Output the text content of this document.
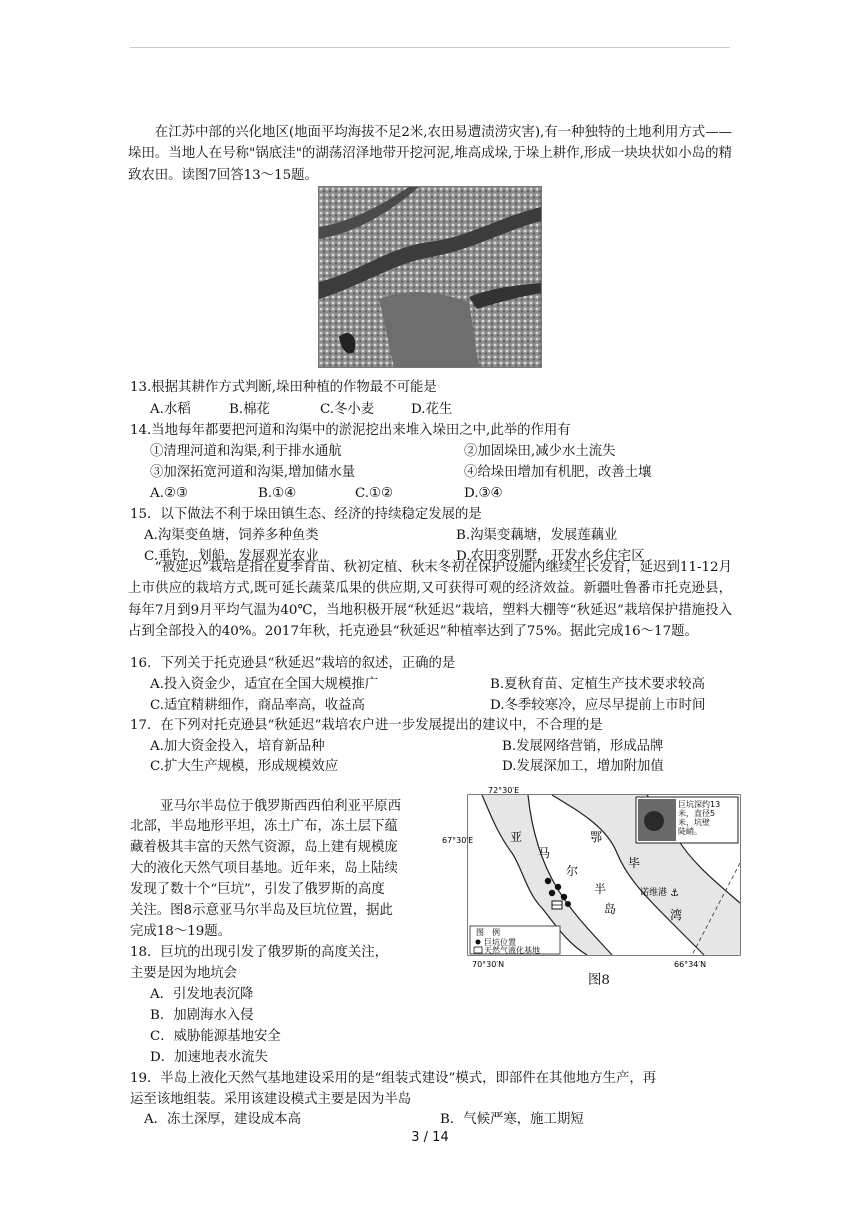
在江苏中部的兴化地区(地面平均海拔不足2米,农田易遭渍涝灾害),有一种独特的土地利用方式——垛田。当地人在号称"锅底洼"的湖荡沼泽地带开挖河泥,堆高成垛,于垛上耕作,形成一块块状如小岛的精致农田。读图7回答13～15题。
13.根据其耕作方式判断,垛田种植的作物最不可能是
A.水稻	B.棉花	C.冬小麦	D.花生
14.当地每年都要把河道和沟渠中的淤泥挖出来堆入垛田之中,此举的作用有
①清理河道和沟渠,利于排水通航	②加固垛田,减少水土流失
③加深拓宽河道和沟渠,增加储水量	④给垛田增加有机肥，改善土壤
A.②③	B.①④	C.①②	D.③④
15．以下做法不利于垛田镇生态、经济的持续稳定发展的是
A.沟渠变鱼塘，饲养多种鱼类	B.沟渠变藕塘，发展莲藕业
C.垂钓，划船，发展观光农业	D.农田变别墅，开发水乡住宅区
“被延迟”栽培是指在夏季育苗、秋初定植、秋末冬初在保护设施内继续生长发育，延迟到11-12月上市供应的栽培方式,既可延长蔬菜瓜果的供应期,又可获得可观的经济效益。新疆吐鲁番市托克逊县，每年7月到9月平均气温为40℃，当地积极开展“秋延迟”栽培，塑料大棚等“秋延迟”栽培保护措施投入占到全部投入的40%。2017年秋，托克逊县“秋延迟”种植率达到了75%。据此完成16～17题。
16．下列关于托克逊县“秋延迟”栽培的叙述，正确的是
A.投入资金少，适宜在全国大规模推广	B.夏秋育苗、定植生产技术要求较高
C.适宜精耕细作，商品率高，收益高	D.冬季较寒冷，应尽早提前上市时间
17．在下列对托克逊县“秋延迟”栽培农户进一步发展提出的建议中，不合理的是
A.加大资金投入，培育新品种	B.发展网络营销，形成品牌
C.扩大生产规模，形成规模效应	D.发展深加工，增加附加值
亚马尔半岛位于俄罗斯西西伯利亚平原西
北部，半岛地形平坦，冻土广布，冻土层下蕴
藏着极其丰富的天然气资源，岛上建有规模庞
大的液化天然气项目基地。近年来，岛上陆续
发现了数十个“巨坑”，引发了俄罗斯的高度
关注。图8示意亚马尔半岛及巨坑位置，据此
完成18～19题。
18．巨坑的出现引发了俄罗斯的高度关注，
主要是因为地坑会
A．引发地表沉降
B．加剧海水入侵
C．威胁能源基地安全
D．加速地表水流失
19．半岛上液化天然气基地建设采用的是“组装式建设”模式，即部件在其他地方生产，再
运至该地组装。采用该建设模式主要是因为半岛
A．冻土深厚，建设成本高	B．气候严寒，施工期短
巨坑深约13
米，直径5
米，坑壁
陡峭。
72°30′E
67°30′E
70°30′N	66°34′N
亚
马
尔
半
岛
鄂
毕
湾
诺维港 ⚓
图　例
巨坑位置
天然气液化基地
图8
3 / 14
